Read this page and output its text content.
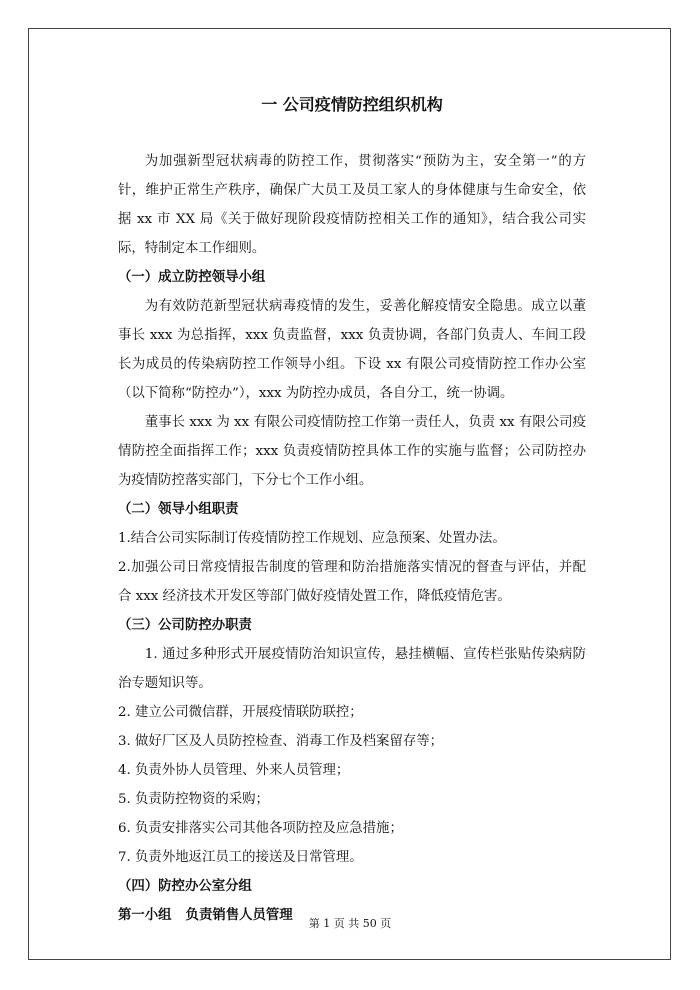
一 公司疫情防控组织机构

为加强新型冠状病毒的防控工作，贯彻落实“预防为主，安全第一”的方针，维护正常生产秩序，确保广大员工及员工家人的身体健康与生命安全，依据 xx 市 XX 局《关于做好现阶段疫情防控相关工作的通知》，结合我公司实际，特制定本工作细则。

（一）成立防控领导小组

为有效防范新型冠状病毒疫情的发生，妥善化解疫情安全隐患。成立以董事长 xxx 为总指挥，xxx 负责监督，xxx 负责协调，各部门负责人、车间工段长为成员的传染病防控工作领导小组。下设 xx 有限公司疫情防控工作办公室（以下简称“防控办”），xxx 为防控办成员，各自分工，统一协调。

董事长 xxx 为 xx 有限公司疫情防控工作第一责任人，负责 xx 有限公司疫情防控全面指挥工作；xxx 负责疫情防控具体工作的实施与监督；公司防控办为疫情防控落实部门，下分七个工作小组。

（二）领导小组职责

1.结合公司实际制订传疫情防控工作规划、应急预案、处置办法。

2.加强公司日常疫情报告制度的管理和防治措施落实情况的督查与评估，并配合 xxx 经济技术开发区等部门做好疫情处置工作，降低疫情危害。

（三）公司防控办职责

1. 通过多种形式开展疫情防治知识宣传，悬挂横幅、宣传栏张贴传染病防治专题知识等。

2. 建立公司微信群，开展疫情联防联控；

3. 做好厂区及人员防控检查、消毒工作及档案留存等；

4. 负责外协人员管理、外来人员管理；

5. 负责防控物资的采购；

6. 负责安排落实公司其他各项防控及应急措施；

7. 负责外地返江员工的接送及日常管理。

（四）防控办公室分组
第一小组   负责销售人员管理
第 1 页 共 50 页
